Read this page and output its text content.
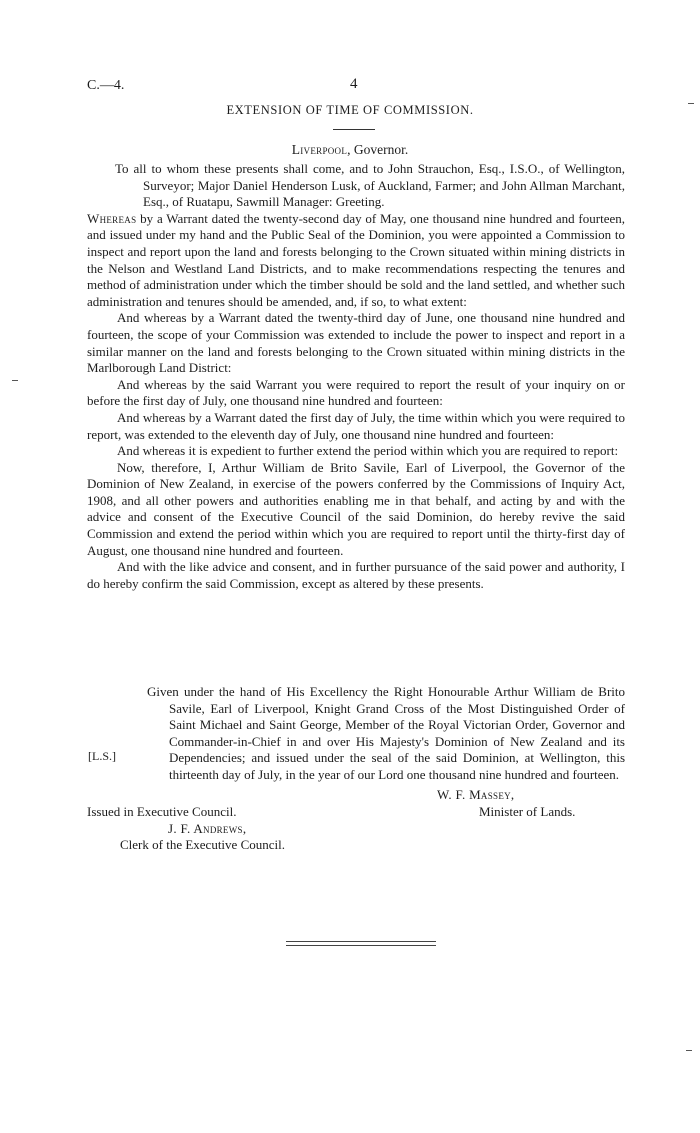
C.—4.	4
EXTENSION OF TIME OF COMMISSION.
Liverpool, Governor.

To all to whom these presents shall come, and to John Strauchon, Esq., I.S.O., of Wellington, Surveyor; Major Daniel Henderson Lusk, of Auckland, Farmer; and John Allman Marchant, Esq., of Ruatapu, Sawmill Manager: Greeting.

Whereas by a Warrant dated the twenty-second day of May, one thousand nine hundred and fourteen, and issued under my hand and the Public Seal of the Dominion, you were appointed a Commission to inspect and report upon the land and forests belonging to the Crown situated within mining districts in the Nelson and Westland Land Districts, and to make recommendations respecting the tenures and method of administration under which the timber should be sold and the land settled, and whether such administration and tenures should be amended, and, if so, to what extent:

And whereas by a Warrant dated the twenty-third day of June, one thousand nine hundred and fourteen, the scope of your Commission was extended to include the power to inspect and report in a similar manner on the land and forests belonging to the Crown situated within mining districts in the Marlborough Land District:

And whereas by the said Warrant you were required to report the result of your inquiry on or before the first day of July, one thousand nine hundred and fourteen:

And whereas by a Warrant dated the first day of July, the time within which you were required to report, was extended to the eleventh day of July, one thousand nine hundred and fourteen:

And whereas it is expedient to further extend the period within which you are required to report:

Now, therefore, I, Arthur William de Brito Savile, Earl of Liverpool, the Governor of the Dominion of New Zealand, in exercise of the powers conferred by the Commissions of Inquiry Act, 1908, and all other powers and authorities enabling me in that behalf, and acting by and with the advice and consent of the Executive Council of the said Dominion, do hereby revive the said Commission and extend the period within which you are required to report until the thirty-first day of August, one thousand nine hundred and fourteen.

And with the like advice and consent, and in further pursuance of the said power and authority, I do hereby confirm the said Commission, except as altered by these presents.

Given under the hand of His Excellency the Right Honourable Arthur William de Brito Savile, Earl of Liverpool, Knight Grand Cross of the Most Distinguished Order of Saint Michael and Saint George, Member of the Royal Victorian Order, Governor and Commander-in-Chief in and over His Majesty's Dominion of New Zealand and its Dependencies; and issued under the seal of the said Dominion, at Wellington, this thirteenth day of July, in the year of our Lord one thousand nine hundred and fourteen.

[L.S.]
W. F. Massey,
Minister of Lands.
Issued in Executive Council.
J. F. Andrews,
Clerk of the Executive Council.
